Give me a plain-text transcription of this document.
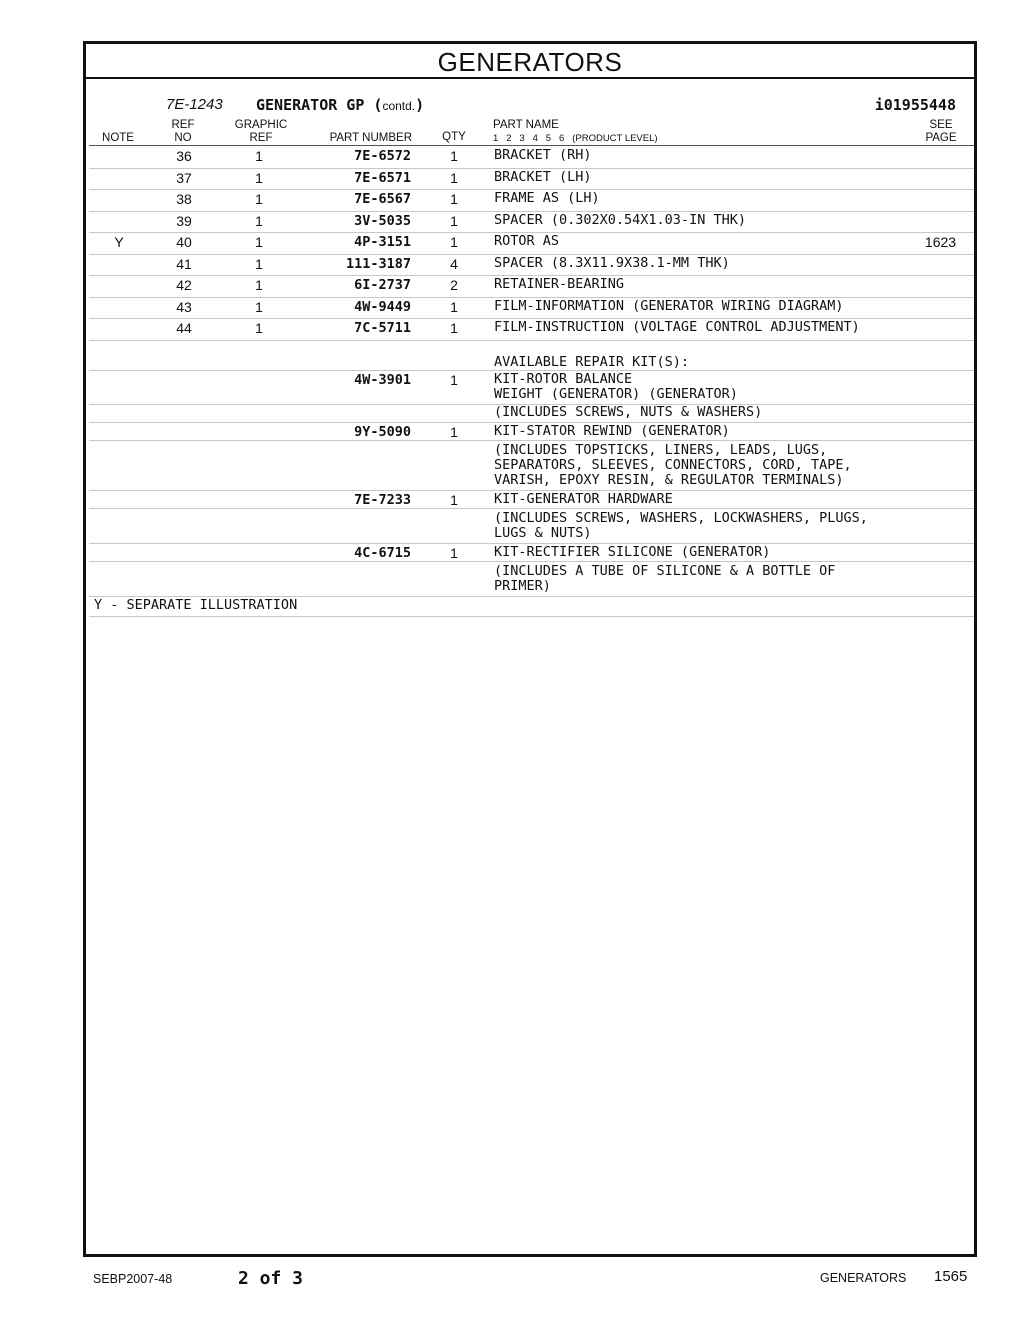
GENERATORS
7E-1243 GENERATOR GP (contd.)	i01955448
NOTE
REF
NO
GRAPHIC
REF	PART NUMBER	QTY
PART NAME
1   2   3   4   5   6   (PRODUCT LEVEL)
SEE
PAGE
36	1	7E-6572	1	BRACKET (RH)
37	1	7E-6571	1	BRACKET (LH)
38	1	7E-6567	1	FRAME AS (LH)
39	1	3V-5035	1	SPACER (0.302X0.54X1.03-IN THK)
Y	40	1	4P-3151	1	ROTOR AS	1623
41	1	111-3187	4	SPACER (8.3X11.9X38.1-MM THK)
42	1	6I-2737	2	RETAINER-BEARING
43	1	4W-9449	1	FILM-INFORMATION (GENERATOR WIRING DIAGRAM)
44	1	7C-5711	1	FILM-INSTRUCTION (VOLTAGE CONTROL ADJUSTMENT)
AVAILABLE REPAIR KIT(S):
4W-3901	1	KIT-ROTOR BALANCE
WEIGHT (GENERATOR) (GENERATOR)
(INCLUDES SCREWS, NUTS & WASHERS)
9Y-5090	1	KIT-STATOR REWIND (GENERATOR)
(INCLUDES TOPSTICKS, LINERS, LEADS, LUGS,
SEPARATORS, SLEEVES, CONNECTORS, CORD, TAPE,
VARISH, EPOXY RESIN, & REGULATOR TERMINALS)
7E-7233	1	KIT-GENERATOR HARDWARE
(INCLUDES SCREWS, WASHERS, LOCKWASHERS, PLUGS,
LUGS & NUTS)
4C-6715	1	KIT-RECTIFIER SILICONE (GENERATOR)
(INCLUDES A TUBE OF SILICONE & A BOTTLE OF
PRIMER)
Y - SEPARATE ILLUSTRATION
SEBP2007-48	2 of 3	GENERATORS 1565
